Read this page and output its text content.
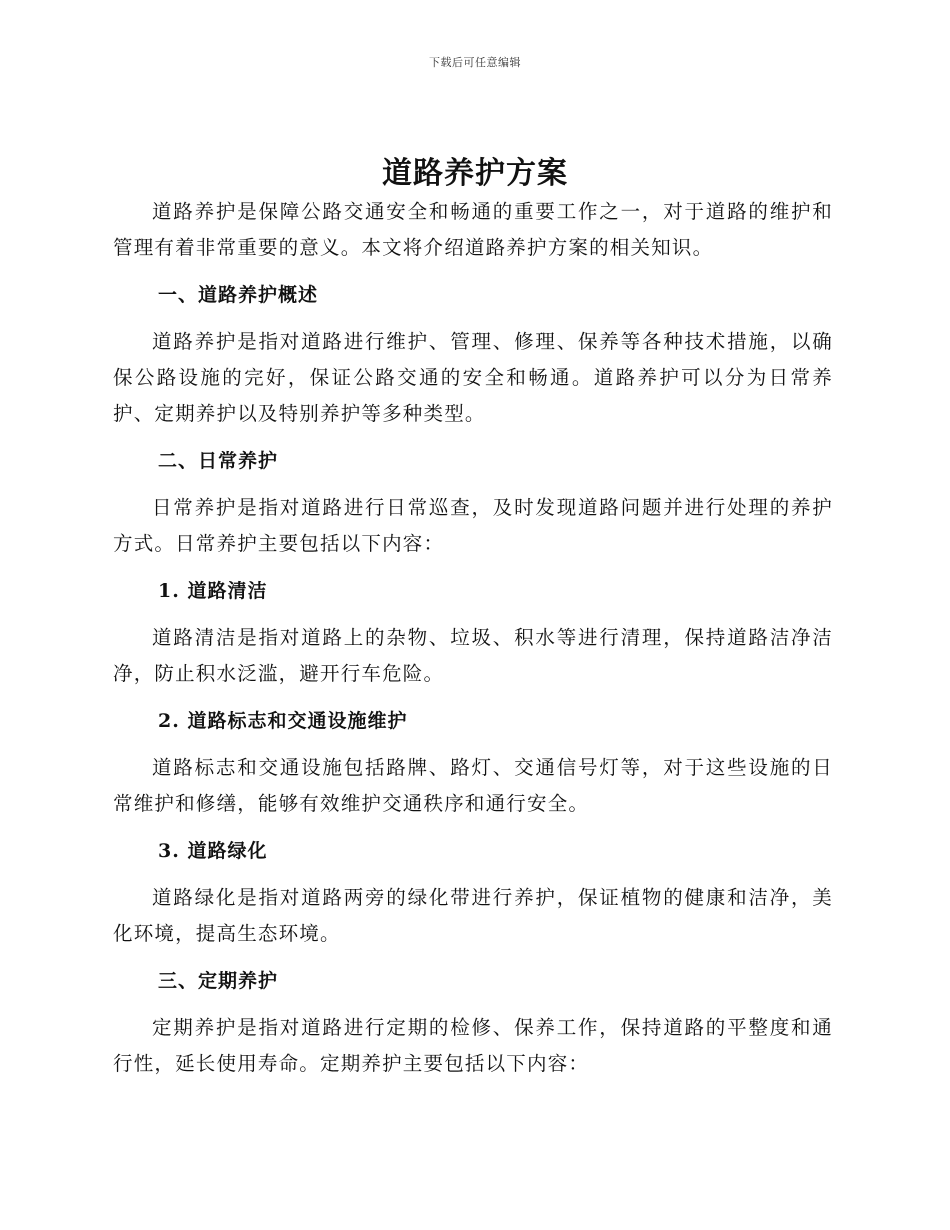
下载后可任意编辑
道路养护方案

道路养护是保障公路交通安全和畅通的重要工作之一，对于道路的维护和管理有着非常重要的意义。本文将介绍道路养护方案的相关知识。

一、道路养护概述

道路养护是指对道路进行维护、管理、修理、保养等各种技术措施，以确保公路设施的完好，保证公路交通的安全和畅通。道路养护可以分为日常养护、定期养护以及特别养护等多种类型。

二、日常养护

日常养护是指对道路进行日常巡查，及时发现道路问题并进行处理的养护方式。日常养护主要包括以下内容：

1. 道路清洁

道路清洁是指对道路上的杂物、垃圾、积水等进行清理，保持道路洁净洁净，防止积水泛滥，避开行车危险。

2. 道路标志和交通设施维护

道路标志和交通设施包括路牌、路灯、交通信号灯等，对于这些设施的日常维护和修缮，能够有效维护交通秩序和通行安全。

3. 道路绿化

道路绿化是指对道路两旁的绿化带进行养护，保证植物的健康和洁净，美化环境，提高生态环境。

三、定期养护

定期养护是指对道路进行定期的检修、保养工作，保持道路的平整度和通行性，延长使用寿命。定期养护主要包括以下内容：
